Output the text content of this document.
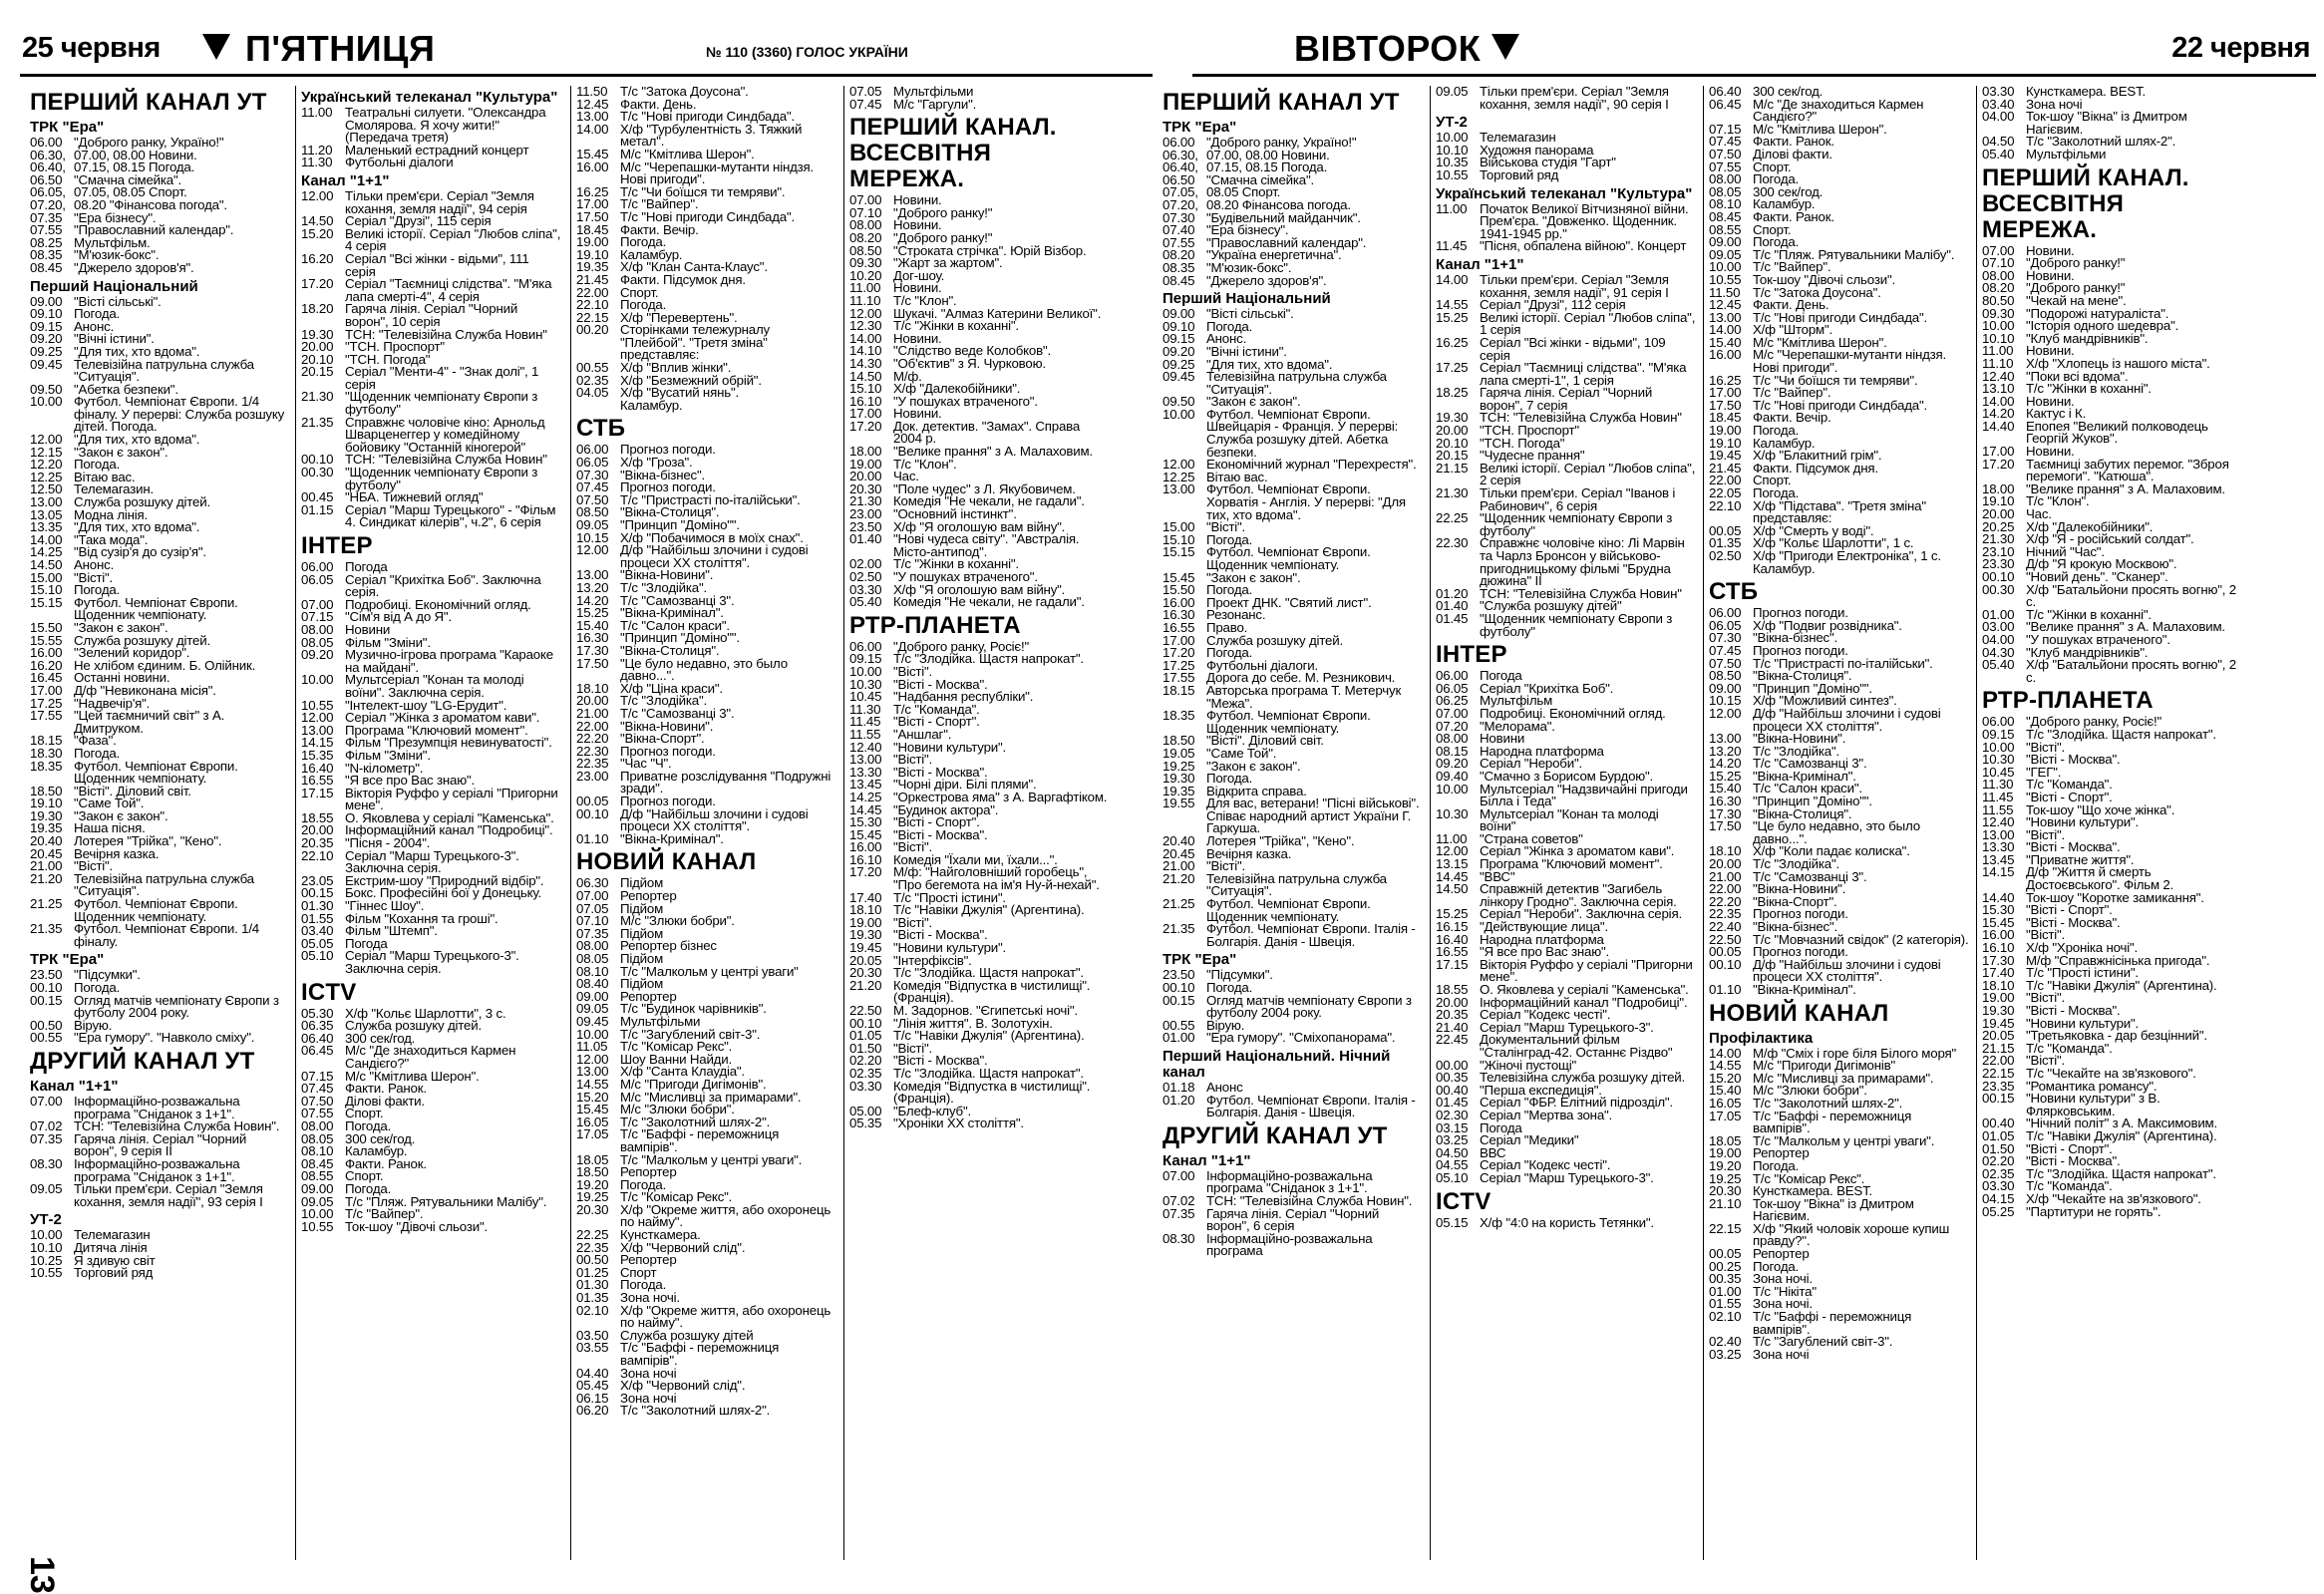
25 червня П'ЯТНИЦЯ	№ 110 (3360) ГОЛОС УКРАЇНИ
ПЕРШИЙ КАНАЛ УТ
ТРК "Ера"
06.00 "Доброго ранку, Україно!"
06.30, 07.00, 08.00 Новини.
06.40, 07.15, 08.15 Погода.
06.50 "Смачна сімейка".
06.05, 07.05, 08.05 Спорт.
07.20, 08.20 "Фінансова погода".
07.35 "Ера бізнесу".
07.55 "Православний календар".
08.25 Мультфільм.
08.35 "М'юзик-бокс".
08.45 "Джерело здоров'я".
Перший Національний
09.00 "Вісті сільські".
09.10 Погода.
09.15 Анонс.
09.20 "Вічні істини".
09.25 "Для тих, хто вдома".
09.45 Телевізійна патрульна служба "Ситуація".
09.50 "Абетка безпеки".
10.00 Футбол. Чемпіонат Європи. 1/4 фіналу. У перерві: Служба розшуку дітей. Погода.
12.00 "Для тих, хто вдома".
12.15 "Закон є закон".
12.20 Погода.
12.25 Вітаю вас.
12.50 Телемагазин.
13.00 Служба розшуку дітей.
13.05 Модна лінія.
13.35 "Для тих, хто вдома".
14.00 "Така мода".
14.25 "Від сузір'я до сузір'я".
14.50 Анонс.
15.00 "Вісті".
15.10 Погода.
15.15 Футбол. Чемпіонат Європи. Щоденник чемпіонату.
15.50 "Закон є закон".
15.55 Служба розшуку дітей.
16.00 "Зелений коридор".
16.20 Не хлібом єдиним. Б. Олійник.
16.45 Останні новини.
17.00 Д/ф "Невиконана місія".
17.25 "Надвечір'я".
17.55 "Цей таємничий світ" з А. Дмитруком.
18.15 "Фаза".
18.30 Погода.
18.35 Футбол. Чемпіонат Європи. Щоденник чемпіонату.
18.50 "Вісті". Діловий світ.
19.10 "Саме Той".
19.30 "Закон є закон".
19.35 Наша пісня.
20.40 Лотерея "Трійка", "Кено".
20.45 Вечірня казка.
21.00 "Вісті".
21.20 Телевізійна патрульна служба "Ситуація".
21.25 Футбол. Чемпіонат Європи. Щоденник чемпіонату.
21.35 Футбол. Чемпіонат Європи. 1/4 фіналу.
ТРК "Ера"
23.50 "Підсумки".
00.10 Погода.
00.15 Огляд матчів чемпіонату Європи з футболу 2004 року.
00.50 Вірую.
00.55 "Ера гумору". "Навколо сміху".
ДРУГИЙ КАНАЛ УТ
Канал "1+1"
07.00 Інформаційно-розважальна програма "Сніданок з 1+1".
07.02 ТСН: "Телевізійна Служба Новин".
07.35 Гаряча лінія. Серіал "Чорний ворон", 9 серія ІІ
08.30 Інформаційно-розважальна програма "Сніданок з 1+1".
09.05 Тільки прем'єри. Серіал "Земля кохання, земля надії", 93 серія І
УТ-2
10.00 Телемагазин
10.10 Дитяча лінія
10.25 Я здивую світ
10.55 Торговий ряд
Український телеканал "Культура"
11.00 Театральні силуети. "Олександра Смолярова. Я хочу жити!" (Передача третя)
11.20 Маленький естрадний концерт
11.30 Футбольні діалоги
Канал "1+1"
12.00 Тільки прем'єри. Серіал "Земля кохання, земля надії", 94 серія
14.50 Серіал "Друзі", 115 серія
15.20 Великі історії. Серіал "Любов сліпа", 4 серія
16.20 Серіал "Всі жінки - відьми", 111 серія
17.20 Серіал "Таємниці слідства". "М'яка лапа смерті-4", 4 серія
18.20 Гаряча лінія. Серіал "Чорний ворон", 10 серія
19.30 ТСН: "Телевізійна Служба Новин"
20.00 "ТСН. Проспорт"
20.10 "ТСН. Погода"
20.15 Серіал "Менти-4" - "Знак долі", 1 серія
21.30 "Щоденник чемпіонату Європи з футболу"
21.35 Справжнє чоловіче кіно: Арнольд Шварценеггер у комедійному бойовику "Останній кіногерой"
00.10 ТСН: "Телевізійна Служба Новин"
00.30 "Щоденник чемпіонату Європи з футболу"
00.45 "НБА. Тижневий огляд"
01.15 Серіал "Марш Турецького" - "Фільм 4. Синдикат кілерів", ч.2", 6 серія
ІНТЕР
06.00 Погода
06.05 Серіал "Крихітка Боб". Заключна серія.
07.00 Подробиці. Економічний огляд.
07.15 "Сім'я від А до Я".
08.00 Новини
08.05 Фільм "Зміни".
09.20 Музично-ігрова програма "Караоке на майдані".
10.00 Мультсеріал "Конан та молоді воїни". Заключна серія.
10.55 "Інтелект-шоу "LG-Ерудит".
12.00 Серіал "Жінка з ароматом кави".
13.00 Програма "Ключовий момент".
14.15 Фільм "Презумпція невинуватості".
15.35 Фільм "Зміни".
16.40 "N-кілометр".
16.55 "Я все про Вас знаю".
17.15 Вікторія Руффо у серіалі "Пригорни мене".
18.55 О. Яковлева у серіалі "Каменська".
20.00 Інформаційний канал "Подробиці".
20.35 "Пісня - 2004".
22.10 Серіал "Марш Турецького-3". Заключна серія.
23.05 Екстрим-шоу "Природний відбір".
00.15 Бокс. Професійні бої у Донецьку.
01.30 "Гіннес Шоу".
01.55 Фільм "Кохання та гроші".
03.40 Фільм "Штемп".
05.05 Погода
05.10 Серіал "Марш Турецького-3". Заключна серія.
ICTV
05.30 Х/ф "Кольє Шарлотти", 3 с.
06.35 Служба розшуку дітей.
06.40 300 сек/год.
06.45 М/с "Де знаходиться Кармен Сандієго?"
07.15 М/с "Кмітлива Шерон".
07.45 Факти. Ранок.
07.50 Ділові факти.
07.55 Спорт.
08.00 Погода.
08.05 300 сек/год.
08.10 Каламбур.
08.45 Факти. Ранок.
08.55 Спорт.
09.00 Погода.
09.05 Т/с "Пляж. Рятувальники Малібу".
10.00 Т/с "Вайпер".
10.55 Ток-шоу "Дівочі сльози".
11.50 Т/с "Затока Доусона".
12.45 Факти. День.
13.00 Т/с "Нові пригоди Синдбада".
14.00 Х/ф "Турбулентність 3. Тяжкий метал".
15.45 М/с "Кмітлива Шерон".
16.00 М/с "Черепашки-мутанти ніндзя. Нові пригоди".
16.25 Т/с "Чи боїшся ти темряви".
17.00 Т/с "Вайпер".
17.50 Т/с "Нові пригоди Синдбада".
18.45 Факти. Вечір.
19.00 Погода.
19.10 Каламбур.
19.35 Х/ф "Клан Санта-Клаус".
21.45 Факти. Підсумок дня.
22.00 Спорт.
22.10 Погода.
22.15 Х/ф "Перевертень".
00.20 Сторінками тележурналу "Плейбой". "Третя зміна" представляє:
00.55 Х/ф "Вплив жінки".
02.35 Х/ф "Безмежний обрій".
04.05 Х/ф "Вусатий нянь".
Каламбур.
СТБ
06.00 Прогноз погоди.
06.05 Х/ф "Гроза".
07.30 "Вікна-бізнес".
07.45 Прогноз погоди.
07.50 Т/с "Пристрасті по-італійськи".
08.50 "Вікна-Столиця".
09.05 "Принцип "Доміно"".
10.15 Х/ф "Побачимося в моїх снах".
12.00 Д/ф "Найбільш злочини і судові процеси XX століття".
13.00 "Вікна-Новини".
13.20 Т/с "Злодійка".
14.20 Т/с "Самозванці 3".
15.25 "Вікна-Кримінал".
15.40 Т/с "Салон краси".
16.30 "Принцип "Доміно"".
17.30 "Вікна-Столиця".
17.50 "Це було недавно, это было давно...".
18.10 Х/ф "Ціна краси".
20.00 Т/с "Злодійка".
21.00 Т/с "Самозванці 3".
22.00 "Вікна-Новини".
22.20 "Вікна-Спорт".
22.30 Прогноз погоди.
22.35 "Час "Ч".
23.00 Приватне розслідування "Подружні зради".
00.05 Прогноз погоди.
00.10 Д/ф "Найбільш злочини і судові процеси XX століття".
01.10 "Вікна-Кримінал".
НОВИЙ КАНАЛ
06.30 Підйом
07.00 Репортер
07.05 Підйом
07.10 М/с "Злюки бобри".
07.35 Підйом
08.00 Репортер бізнес
08.05 Підйом
08.10 Т/с "Малкольм у центрі уваги"
08.40 Підйом
09.00 Репортер
09.05 Т/с "Будинок чарівників".
09.45 Мультфільми
10.00 Т/с "Загублений світ-3".
11.05 Т/с "Комісар Рекс".
12.00 Шоу Ванни Найди.
13.00 Х/ф "Санта Клаудіа".
14.55 М/с "Пригоди Дигімонів".
15.20 М/с "Мисливці за примарами".
15.45 М/с "Злюки бобри".
16.05 Т/с "Заколотний шлях-2".
17.05 Т/с "Баффі - переможниця вампірів".
18.05 Т/с "Малкольм у центрі уваги".
18.50 Репортер
19.20 Погода.
19.25 Т/с "Комісар Рекс".
20.30 Х/ф "Окреме життя, або охоронець по найму".
22.25 Кунсткамера.
22.35 Х/ф "Червоний слід".
00.50 Репортер
01.25 Спорт
01.30 Погода.
01.35 Зона ночі.
02.10 Х/ф "Окреме життя, або охоронець по найму".
03.50 Служба розшуку дітей
03.55 Т/с "Баффі - переможниця вампірів".
04.40 Зона ночі
05.45 Х/ф "Червоний слід".
06.15 Зона ночі
06.20 Т/с "Заколотний шлях-2".
07.05 Мультфільми
07.45 М/с "Гаргули".
ПЕРШИЙ КАНАЛ. ВСЕСВІТНЯ МЕРЕЖА.
07.00 Новини.
07.10 "Доброго ранку!"
08.00 Новини.
08.20 "Доброго ранку!"
08.50 "Строката стрічка". Юрій Візбор.
09.30 "Жарт за жартом".
10.20 Дог-шоу.
11.00 Новини.
11.10 Т/с "Клон".
12.00 Шукачі. "Алмаз Катерини Великої".
12.30 Т/с "Жінки в коханні".
14.00 Новини.
14.10 "Слідство веде Колобков".
14.30 "Об'єктив" з Я. Чурковою.
14.50 М/ф.
15.10 Х/ф "Далекобійники".
16.10 "У пошуках втраченого".
17.00 Новини.
17.20 Док. детектив. "Замах". Справа 2004 р.
18.00 "Велике прання" з А. Малаховим.
19.00 Т/с "Клон".
20.00 Час.
20.30 "Поле чудес" з Л. Якубовичем.
21.30 Комедія "Не чекали, не гадали".
23.00 "Основний інстинкт".
23.50 Х/ф "Я оголошую вам війну".
01.40 "Нові чудеса світу". "Австралія. Місто-антипод".
02.00 Т/с "Жінки в коханні".
02.50 "У пошуках втраченого".
03.30 Х/ф "Я оголошую вам війну".
05.40 Комедія "Не чекали, не гадали".
РТР-ПЛАНЕТА
06.00 "Доброго ранку, Росіє!"
09.15 Т/с "Злодійка. Щастя напрокат".
10.00 "Вісті".
10.30 "Вісті - Москва".
10.45 "Надбання республіки".
11.30 Т/с "Команда".
11.45 "Вісті - Спорт".
11.55 "Аншлаг".
12.40 "Новини культури".
13.00 "Вісті".
13.30 "Вісті - Москва".
13.45 "Чорні діри. Білі плями".
14.25 "Оркестрова яма" з А. Варгафтіком.
14.45 "Будинок актора".
15.30 "Вісті - Спорт".
15.45 "Вісті - Москва".
16.00 "Вісті".
16.10 Комедія "Їхали ми, їхали...".
17.20 М/ф: "Найголовніший горобець", "Про бегемота на ім'я Ну-й-нехай".
17.40 Т/с "Прості істини".
18.10 Т/с "Навіки Джулія" (Аргентина).
19.00 "Вісті".
19.30 "Вісті - Москва".
19.45 "Новини культури".
20.05 "Інтерфіксів".
20.30 Т/с "Злодійка. Щастя напрокат".
21.20 Комедія "Відпустка в чистилищі". (Франція).
22.50 М. Задорнов. "Єгипетські ночі".
00.10 "Лінія життя". В. Золотухін.
01.05 Т/с "Навіки Джулія" (Аргентина).
01.50 "Вісті".
02.20 "Вісті - Москва".
02.35 Т/с "Злодійка. Щастя напрокат".
03.30 Комедія "Відпустка в чистилищі". (Франція).
05.00 "Блеф-клуб".
05.35 "Хроніки XX століття".
13
ВІВТОРОК	22 червня
ПЕРШИЙ КАНАЛ УТ
ТРК "Ера"
06.00 "Доброго ранку, Україно!"
06.30, 07.00, 08.00 Новини.
06.40, 07.15, 08.15 Погода.
06.50 "Смачна сімейка".
07.05, 08.05 Спорт.
07.20, 08.20 Фінансова погода.
07.30 "Будівельний майданчик".
07.40 "Ера бізнесу".
07.55 "Православний календар".
08.20 "Україна енергетична".
08.35 "М'юзик-бокс".
08.45 "Джерело здоров'я".
Перший Національний
09.00 "Вісті сільські".
09.10 Погода.
09.15 Анонс.
09.20 "Вічні істини".
09.25 "Для тих, хто вдома".
09.45 Телевізійна патрульна служба "Ситуація".
09.50 "Закон є закон".
10.00 Футбол. Чемпіонат Європи. Швейцарія - Франція. У перерві: Служба розшуку дітей. Абетка безпеки.
12.00 Економічний журнал "Перехрестя".
12.25 Вітаю вас.
13.00 Футбол. Чемпіонат Європи. Хорватія - Англія. У перерві: "Для тих, хто вдома".
15.00 "Вісті".
15.10 Погода.
15.15 Футбол. Чемпіонат Європи. Щоденник чемпіонату.
15.45 "Закон є закон".
15.50 Погода.
16.00 Проект ДНК. "Святий лист".
16.30 Резонанс.
16.55 Право.
17.00 Служба розшуку дітей.
17.20 Погода.
17.25 Футбольні діалоги.
17.55 Дорога до себе. М. Резникович.
18.15 Авторська програма Т. Метерчук "Межа".
18.35 Футбол. Чемпіонат Європи. Щоденник чемпіонату.
18.50 "Вісті". Діловий світ.
19.05 "Саме Той".
19.25 "Закон є закон".
19.30 Погода.
19.35 Відкрита справа.
19.55 Для вас, ветерани! "Пісні військові". Співає народний артист України Г. Гаркуша.
20.40 Лотерея "Трійка", "Кено".
20.45 Вечірня казка.
21.00 "Вісті".
21.20 Телевізійна патрульна служба "Ситуація".
21.25 Футбол. Чемпіонат Європи. Щоденник чемпіонату.
21.35 Футбол. Чемпіонат Європи. Італія - Болгарія. Данія - Швеція.
ТРК "Ера"
23.50 "Підсумки".
00.10 Погода.
00.15 Огляд матчів чемпіонату Європи з футболу 2004 року.
00.55 Вірую.
01.00 "Ера гумору". "Сміхопанорама".
Перший Національний. Нічний канал
01.18 Анонс
01.20 Футбол. Чемпіонат Європи. Італія - Болгарія. Данія - Швеція.
ДРУГИЙ КАНАЛ УТ
Канал "1+1"
07.00 Інформаційно-розважальна програма "Сніданок з 1+1".
07.02 ТСН: "Телевізійна Служба Новин".
07.35 Гаряча лінія. Серіал "Чорний ворон", 6 серія
08.30 Інформаційно-розважальна програма
09.05 Тільки прем'єри. Серіал "Земля кохання, земля надії", 90 серія І
УТ-2
10.00 Телемагазин
10.10 Художня панорама
10.35 Військова студія "Гарт"
10.55 Торговий ряд
Український телеканал "Культура"
11.00 Початок Великої Вітчизняної війни. Прем'єра. "Довженко. Щоденник. 1941-1945 рр."
11.45 "Пісня, обпалена війною". Концерт
Канал "1+1"
14.00 Тільки прем'єри. Серіал "Земля кохання, земля надії", 91 серія І
14.55 Серіал "Друзі", 112 серія
15.25 Великі історії. Серіал "Любов сліпа", 1 серія
16.25 Серіал "Всі жінки - відьми", 109 серія
17.25 Серіал "Таємниці слідства". "М'яка лапа смерті-1", 1 серія
18.25 Гаряча лінія. Серіал "Чорний ворон", 7 серія
19.30 ТСН: "Телевізійна Служба Новин"
20.00 "ТСН. Проспорт"
20.10 "ТСН. Погода"
20.15 "Чудесне прання"
21.15 Великі історії. Серіал "Любов сліпа", 2 серія
21.30 Тільки прем'єри. Серіал "Іванов і Рабинович", 6 серія
22.25 "Щоденник чемпіонату Європи з футболу"
22.30 Справжнє чоловіче кіно: Лі Марвін та Чарлз Бронсон у військово-пригодницькому фільмі "Брудна дюжина" ІІ
01.20 ТСН: "Телевізійна Служба Новин"
01.40 "Служба розшуку дітей"
01.45 "Щоденник чемпіонату Європи з футболу"
ІНТЕР
06.00 Погода
06.05 Серіал "Крихітка Боб".
06.25 Мультфільм
07.00 Подробиці. Економічний огляд.
07.20 "Мелорама".
08.00 Новини
08.15 Народна платформа
09.20 Серіал "Нероби".
09.40 "Смачно з Борисом Бурдою".
10.00 Мультсеріал "Надзвичайні пригоди Білла і Теда"
10.30 Мультсеріал "Конан та молоді воїни"
11.00 "Страна советов"
12.00 Серіал "Жінка з ароматом кави".
13.15 Програма "Ключовий момент".
14.45 "ВВС"
14.50 Справжній детектив "Загибель лінкору Гродно". Заключна серія.
15.25 Серіал "Нероби". Заключна серія.
16.15 "Действующие лица".
16.40 Народна платформа
16.55 "Я все про Вас знаю".
17.15 Вікторія Руффо у серіалі "Пригорни мене".
18.55 О. Яковлева у серіалі "Каменська".
20.00 Інформаційний канал "Подробиці".
20.35 Серіал "Кодекс честі".
21.40 Серіал "Марш Турецького-3".
22.45 Документальний фільм "Сталінград-42. Останнє Різдво"
00.00 "Жіночі пустощі"
00.35 Телевізійна служба розшуку дітей.
00.40 "Перша експедиція".
01.45 Серіал "ФБР. Елітний підрозділ".
02.30 Серіал "Мертва зона".
03.15 Погода
03.25 Серіал "Медики"
04.50 ВВС
04.55 Серіал "Кодекс честі".
05.10 Серіал "Марш Турецького-3".
ICTV
05.15 Х/ф "4:0 на користь Тетянки".
06.40 300 сек/год.
06.45 М/с "Де знаходиться Кармен Сандієго?"
07.15 М/с "Кмітлива Шерон".
07.45 Факти. Ранок.
07.50 Ділові факти.
07.55 Спорт.
08.00 Погода.
08.05 300 сек/год.
08.10 Каламбур.
08.45 Факти. Ранок.
08.55 Спорт.
09.00 Погода.
09.05 Т/с "Пляж. Рятувальники Малібу".
10.00 Т/с "Вайпер".
10.55 Ток-шоу "Дівочі сльози".
11.50 Т/с "Затока Доусона".
12.45 Факти. День.
13.00 Т/с "Нові пригоди Синдбада".
14.00 Х/ф "Шторм".
15.40 М/с "Кмітлива Шерон".
16.00 М/с "Черепашки-мутанти ніндзя. Нові пригоди".
16.25 Т/с "Чи боїшся ти темряви".
17.00 Т/с "Вайпер".
17.50 Т/с "Нові пригоди Синдбада".
18.45 Факти. Вечір.
19.00 Погода.
19.10 Каламбур.
19.45 Х/ф "Блакитний грім".
21.45 Факти. Підсумок дня.
22.00 Спорт.
22.05 Погода.
22.10 Х/ф "Підстава". "Третя зміна" представляє:
00.05 Х/ф "Смерть у воді".
01.35 Х/ф "Кольє Шарлотти", 1 с.
02.50 Х/ф "Пригоди Електроніка", 1 с. Каламбур.
СТБ
06.00 Прогноз погоди.
06.05 Х/ф "Подвиг розвідника".
07.30 "Вікна-бізнес".
07.45 Прогноз погоди.
07.50 Т/с "Пристрасті по-італійськи".
08.50 "Вікна-Столиця".
09.00 "Принцип "Доміно"".
10.15 Х/ф "Можливий синтез".
12.00 Д/ф "Найбільш злочини і судові процеси XX століття".
13.00 "Вікна-Новини".
13.20 Т/с "Злодійка".
14.20 Т/с "Самозванці 3".
15.25 "Вікна-Кримінал".
15.40 Т/с "Салон краси".
16.30 "Принцип "Доміно"".
17.30 "Вікна-Столиця".
17.50 "Це було недавно, это было давно...".
18.10 Х/ф "Коли падає колиска".
20.00 Т/с "Злодійка".
21.00 Т/с "Самозванці 3".
22.00 "Вікна-Новини".
22.20 "Вікна-Спорт".
22.35 Прогноз погоди.
22.40 "Вікна-бізнес".
22.50 Т/с "Мовчазний свідок" (2 категорія).
00.05 Прогноз погоди.
00.10 Д/ф "Найбільш злочини і судові процеси XX століття".
01.10 "Вікна-Кримінал".
НОВИЙ КАНАЛ
Профілактика
14.00 М/ф "Сміх і горе біля Білого моря"
14.55 М/с "Пригоди Дигімонів"
15.20 М/с "Мисливці за примарами".
15.40 М/с "Злюки бобри".
16.05 Т/с "Заколотний шлях-2".
17.05 Т/с "Баффі - переможниця вампірів".
18.05 Т/с "Малкольм у центрі уваги".
19.00 Репортер
19.20 Погода.
19.25 Т/с "Комісар Рекс".
20.30 Кунсткамера. BEST.
21.10 Ток-шоу "Вікна" із Дмитром Нагієвим.
22.15 Х/ф "Який чоловік хороше купиш правду?".
00.05 Репортер
00.25 Погода.
00.35 Зона ночі.
01.00 Т/с "Нікіта"
01.55 Зона ночі.
02.10 Т/с "Баффі - переможниця вампірів".
02.40 Т/с "Загублений світ-3".
03.25 Зона ночі
03.30 Кунсткамера. BEST.
03.40 Зона ночі
04.00 Ток-шоу "Вікна" із Дмитром Нагієвим.
04.50 Т/с "Заколотний шлях-2".
05.40 Мультфільми
ПЕРШИЙ КАНАЛ. ВСЕСВІТНЯ МЕРЕЖА.
07.00 Новини.
07.10 "Доброго ранку!"
08.00 Новини.
08.20 "Доброго ранку!"
80.50 "Чекай на мене".
09.30 "Подорожі натураліста".
10.00 "Історія одного шедевра".
10.10 "Клуб мандрівників".
11.00 Новини.
11.10 Х/ф "Хлопець із нашого міста".
12.40 "Поки всі вдома".
13.10 Т/с "Жінки в коханні".
14.00 Новини.
14.20 Кактус і К.
14.40 Епопея "Великий полководець Георгій Жуков".
17.00 Новини.
17.20 Таємниці забутих перемог. "Зброя перемоги". "Катюша".
18.00 "Велике прання" з А. Малаховим.
19.10 Т/с "Клон".
20.00 Час.
20.25 Х/ф "Далекобійники".
21.30 Х/ф "Я - російський солдат".
23.10 Нічний "Час".
23.30 Д/ф "Я крокую Москвою".
00.10 "Новий день". "Сканер".
00.30 Х/ф "Батальйони просять вогню", 2 с.
01.00 Т/с "Жінки в коханні".
03.00 "Велике прання" з А. Малаховим.
04.00 "У пошуках втраченого".
04.30 "Клуб мандрівників".
05.40 Х/ф "Батальйони просять вогню", 2 с.
РТР-ПЛАНЕТА
06.00 "Доброго ранку, Росіє!"
09.15 Т/с "Злодійка. Щастя напрокат".
10.00 "Вісті".
10.30 "Вісті - Москва".
10.45 "ГЕГ".
11.30 Т/с "Команда".
11.45 "Вісті - Спорт".
11.55 Ток-шоу "Що хоче жінка".
12.40 "Новини культури".
13.00 "Вісті".
13.30 "Вісті - Москва".
13.45 "Приватне життя".
14.15 Д/ф "Життя й смерть Достоєвського". Фільм 2.
14.40 Ток-шоу "Коротке замикання".
15.30 "Вісті - Спорт".
15.45 "Вісті - Москва".
16.00 "Вісті".
16.10 Х/ф "Хроніка ночі".
17.30 М/ф "Справжнісінька пригода".
17.40 Т/с "Прості істини".
18.10 Т/с "Навіки Джулія" (Аргентина).
19.00 "Вісті".
19.30 "Вісті - Москва".
19.45 "Новини культури".
20.05 "Третьяковка - дар безцінний".
21.15 Т/с "Команда".
22.00 "Вісті".
22.15 Т/с "Чекайте на зв'язкового".
23.35 "Романтика романсу".
00.15 "Новини культури" з В. Флярковським.
00.40 "Нічний політ" з А. Максимовим.
01.05 Т/с "Навіки Джулія" (Аргентина).
01.50 "Вісті - Спорт".
02.20 "Вісті - Москва".
02.35 Т/с "Злодійка. Щастя напрокат".
03.30 Т/с "Команда".
04.15 Х/ф "Чекайте на зв'язкового".
05.25 "Партитури не горять".
